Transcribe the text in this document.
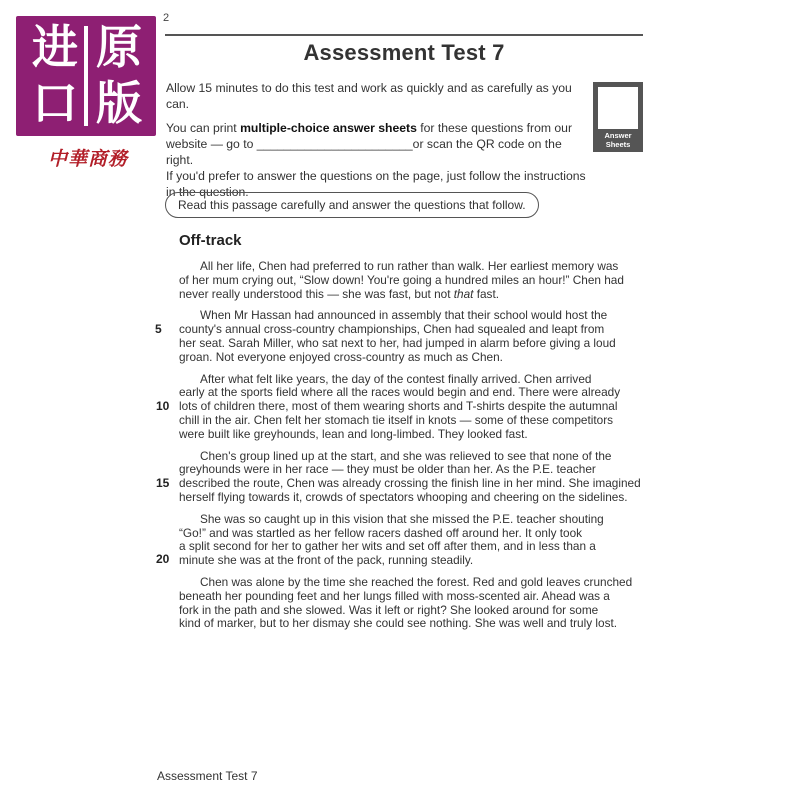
进 原
口 版
中華商務
2
Assessment Test 7

Allow 15 minutes to do this test and work as quickly and as carefully as you can.

You can print multiple-choice answer sheets for these questions from our
website — go to _______________________or scan the QR code on the right.
If you'd prefer to answer the questions on the page, just follow the instructions
in the question.

Answer
Sheets
Read this passage carefully and answer the questions that follow.
Off-track
All her life, Chen had preferred to run rather than walk. Her earliest memory was
of her mum crying out, “Slow down! You're going a hundred miles an hour!” Chen had
never really understood this — she was fast, but not that fast.
When Mr Hassan had announced in assembly that their school would host the
county's annual cross-country championships, Chen had squealed and leapt from
her seat. Sarah Miller, who sat next to her, had jumped in alarm before giving a loud
groan. Not everyone enjoyed cross-country as much as Chen.
After what felt like years, the day of the contest finally arrived. Chen arrived
early at the sports field where all the races would begin and end. There were already
lots of children there, most of them wearing shorts and T-shirts despite the autumnal
chill in the air. Chen felt her stomach tie itself in knots — some of these competitors
were built like greyhounds, lean and long-limbed. They looked fast.
Chen's group lined up at the start, and she was relieved to see that none of the
greyhounds were in her race — they must be older than her. As the P.E. teacher
described the route, Chen was already crossing the finish line in her mind. She imagined
herself flying towards it, crowds of spectators whooping and cheering on the sidelines.
She was so caught up in this vision that she missed the P.E. teacher shouting
“Go!” and was startled as her fellow racers dashed off around her. It only took
a split second for her to gather her wits and set off after them, and in less than a
minute she was at the front of the pack, running steadily.
Chen was alone by the time she reached the forest. Red and gold leaves crunched
beneath her pounding feet and her lungs filled with moss-scented air. Ahead was a
fork in the path and she slowed. Was it left or right? She looked around for some
kind of marker, but to her dismay she could see nothing. She was well and truly lost.
5
10
15
20
Assessment Test 7
